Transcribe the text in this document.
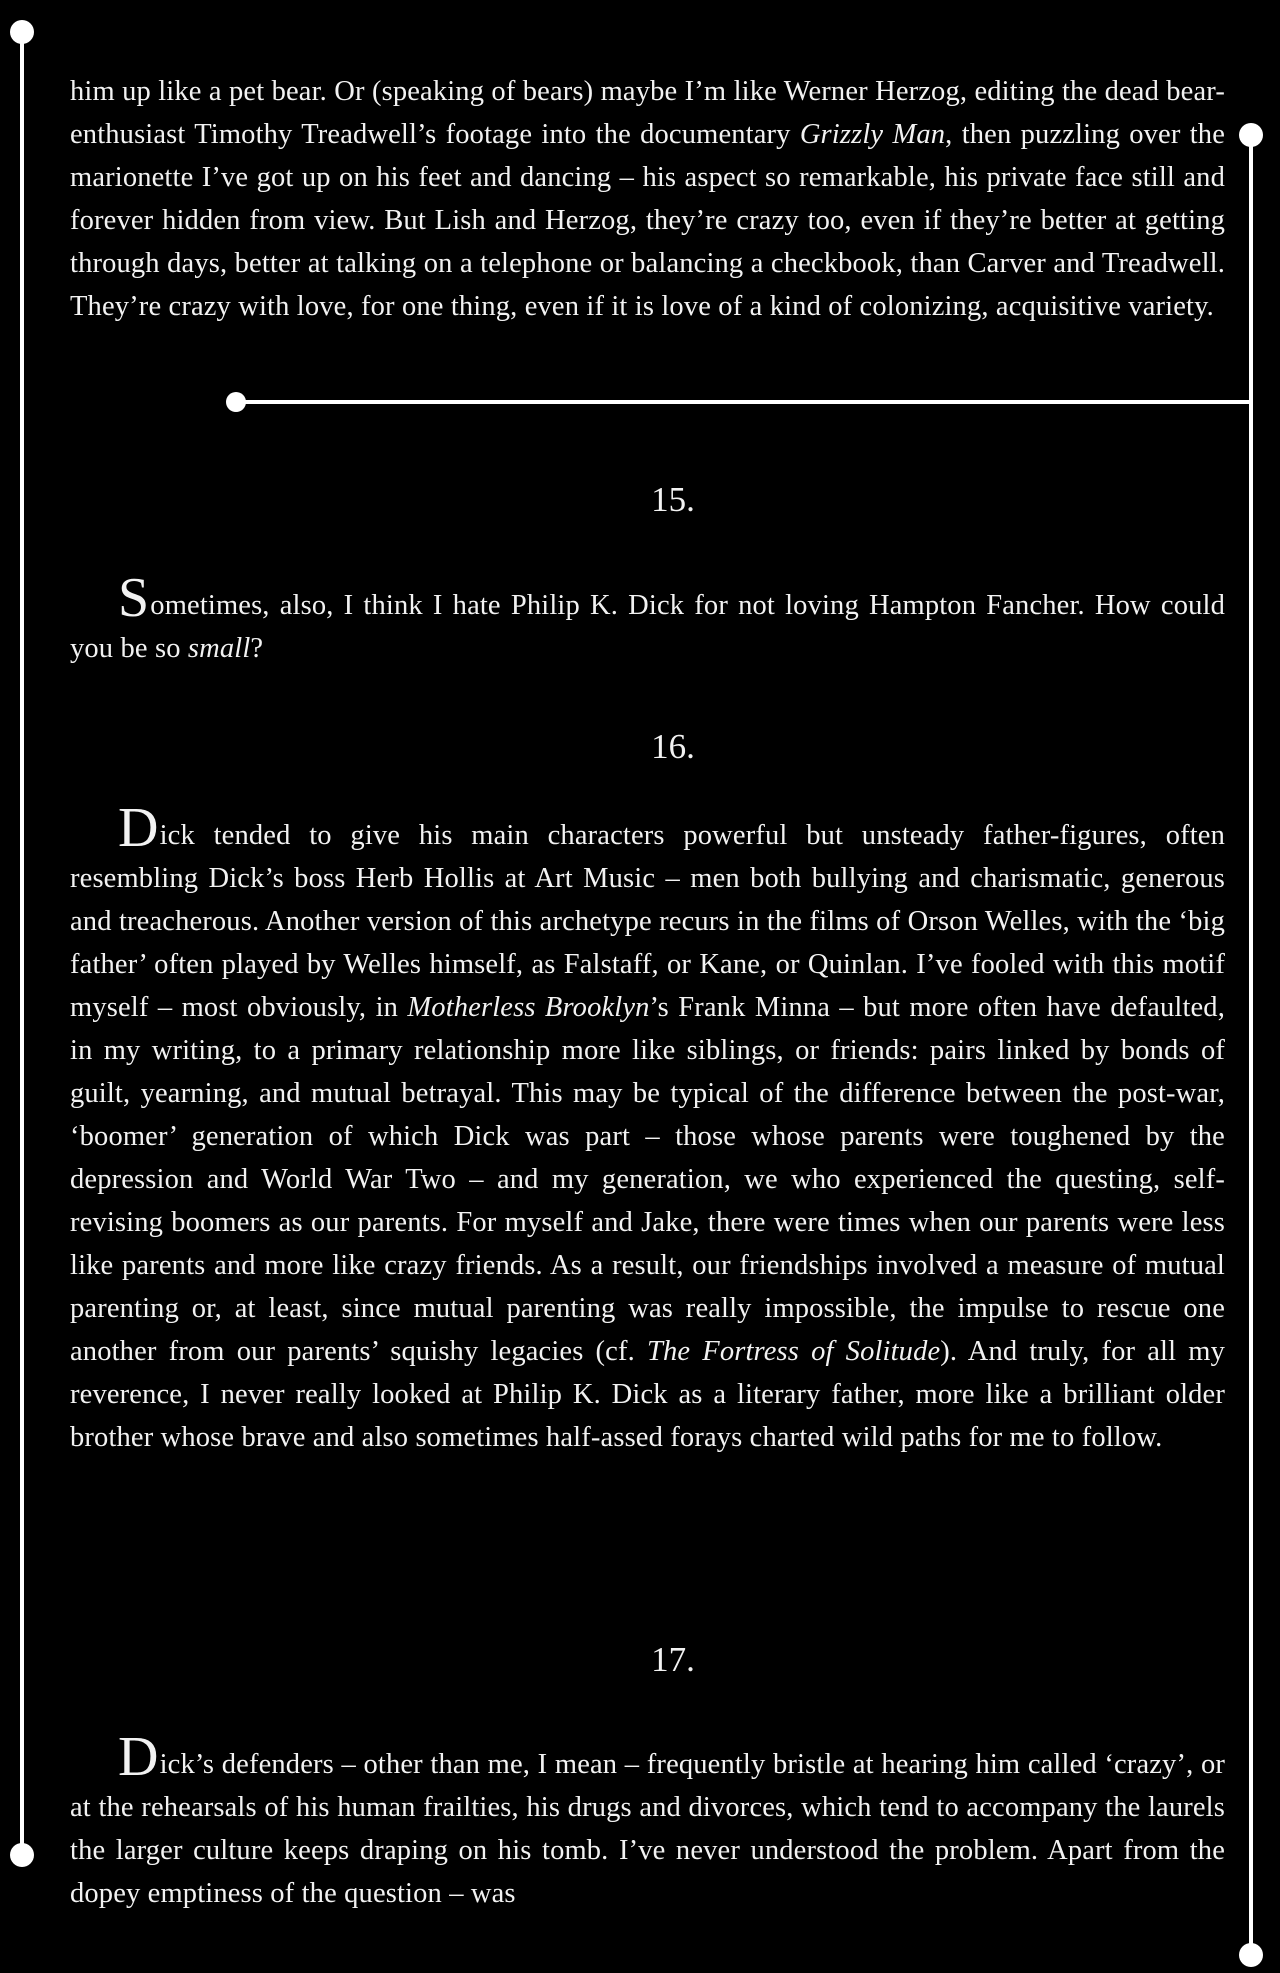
him up like a pet bear. Or (speaking of bears) maybe I’m like Werner Herzog, editing the dead bear- enthusiast Timothy Treadwell’s footage into the documentary Grizzly Man, then puzzling over the marionette I’ve got up on his feet and dancing – his aspect so remarkable, his private face still and forever hidden from view. But Lish and Herzog, they’re crazy too, even if they’re better at getting through days, better at talking on a telephone or balancing a checkbook, than Carver and Treadwell. They’re crazy with love, for one thing, even if it is love of a kind of colonizing, acquisitive variety.

15.

Sometimes, also, I think I hate Philip K. Dick for not loving Hampton Fancher. How could you be so small?

16.

Dick tended to give his main characters powerful but unsteady father-figures, often resembling Dick’s boss Herb Hollis at Art Music – men both bullying and charismatic, generous and treacherous. Another version of this archetype recurs in the films of Orson Welles, with the ‘big father’ often played by Welles himself, as Falstaff, or Kane, or Quinlan. I’ve fooled with this motif myself – most obviously, in Motherless Brooklyn’s Frank Minna – but more often have defaulted, in my writing, to a primary relationship more like siblings, or friends: pairs linked by bonds of guilt, yearning, and mutual betrayal. This may be typical of the difference between the post-war, ‘boomer’ generation of which Dick was part – those whose parents were toughened by the depression and World War Two – and my generation, we who experienced the questing, self-revising boomers as our parents. For myself and Jake, there were times when our parents were less like parents and more like crazy friends. As a result, our friendships involved a measure of mutual parenting or, at least, since mutual parenting was really impossible, the impulse to rescue one another from our parents’ squishy legacies (cf. The Fortress of Solitude). And truly, for all my reverence, I never really looked at Philip K. Dick as a literary father, more like a brilliant older brother whose brave and also sometimes half-assed forays charted wild paths for me to follow.

17.

Dick’s defenders – other than me, I mean – frequently bristle at hearing him called ‘crazy’, or at the rehearsals of his human frailties, his drugs and divorces, which tend to accompany the laurels the larger culture keeps draping on his tomb. I’ve never understood the problem. Apart from the dopey emptiness of the question – was
